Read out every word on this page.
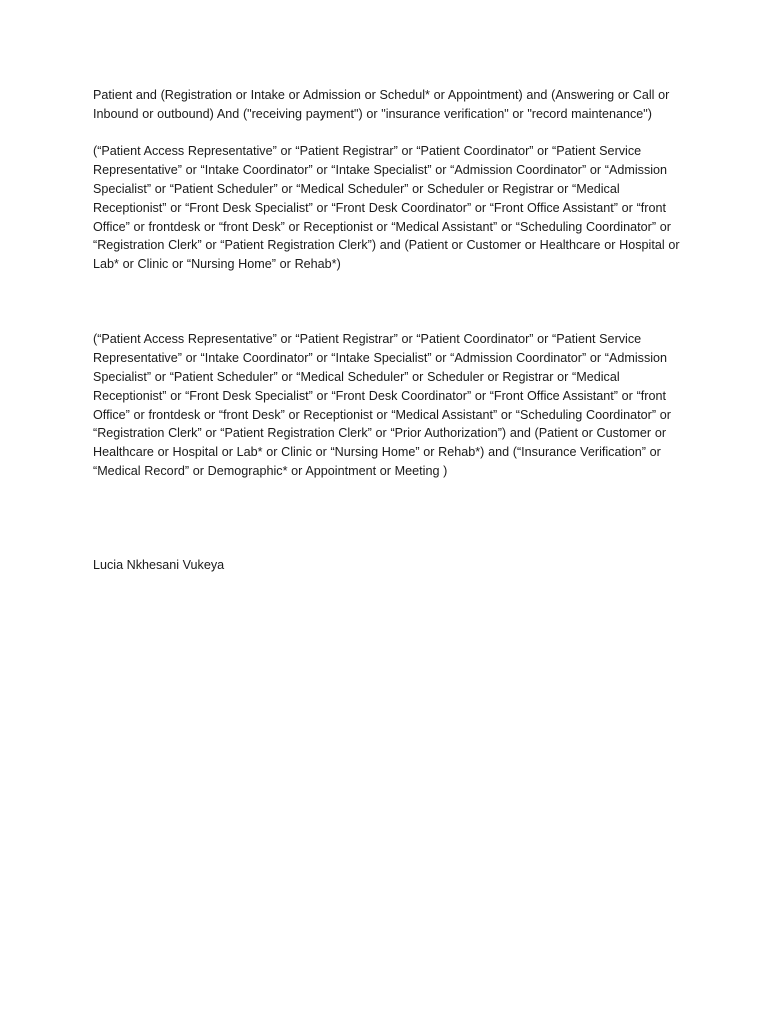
Patient and (Registration or Intake or Admission or Schedul* or Appointment) and (Answering or Call or Inbound or outbound) And ("receiving payment") or "insurance verification" or "record maintenance")

(“Patient Access Representative” or “Patient Registrar” or “Patient Coordinator” or “Patient Service Representative” or “Intake Coordinator” or “Intake Specialist” or “Admission Coordinator” or “Admission Specialist” or “Patient Scheduler” or “Medical Scheduler” or Scheduler or Registrar or “Medical Receptionist” or “Front Desk Specialist” or “Front Desk Coordinator” or “Front Office Assistant” or “front Office” or frontdesk or “front Desk” or Receptionist or “Medical Assistant” or “Scheduling Coordinator” or “Registration Clerk” or “Patient Registration Clerk”) and (Patient or Customer or Healthcare or Hospital or Lab* or Clinic or “Nursing Home” or Rehab*)

(“Patient Access Representative” or “Patient Registrar” or “Patient Coordinator” or “Patient Service Representative” or “Intake Coordinator” or “Intake Specialist” or “Admission Coordinator” or “Admission Specialist” or “Patient Scheduler” or “Medical Scheduler” or Scheduler or Registrar or “Medical Receptionist” or “Front Desk Specialist” or “Front Desk Coordinator” or “Front Office Assistant” or “front Office” or frontdesk or “front Desk” or Receptionist or “Medical Assistant” or “Scheduling Coordinator” or “Registration Clerk” or “Patient Registration Clerk” or “Prior Authorization”) and (Patient or Customer or Healthcare or Hospital or Lab* or Clinic or “Nursing Home” or Rehab*) and (“Insurance Verification” or “Medical Record” or Demographic* or Appointment or Meeting )

Lucia Nkhesani Vukeya
